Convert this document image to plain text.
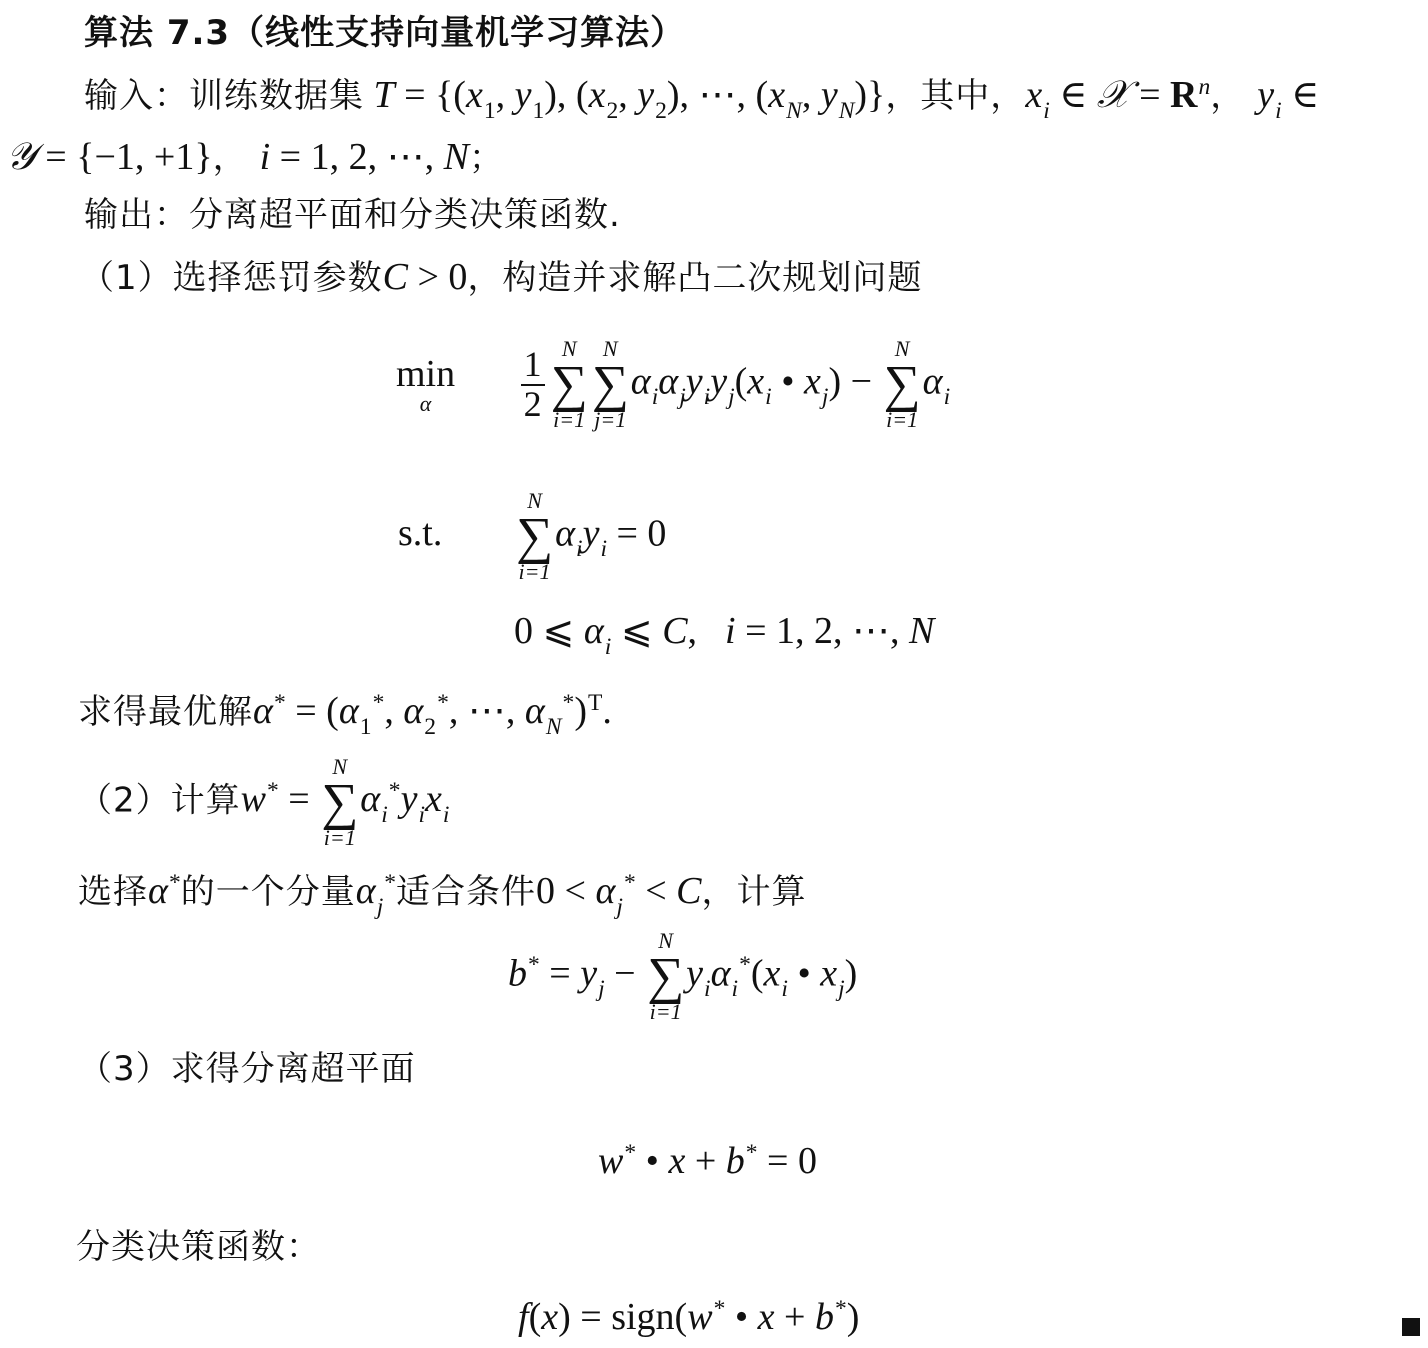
算法 7.3（线性支持向量机学习算法）
输入：训练数据集 $T = \{(x_1$, $y_1$), ($x_2$, $y_2$), ⋯, ($x_N$, $y_N$)}，其中，$x_i$ ∈ 𝒳 = $R^n$， $y_i$ ∈
𝒴 = {−1, +1}， i = 1, 2, ⋯, N；
输出：分离超平面和分类决策函数.
（1）选择惩罚参数C > 0，构造并求解凸二次规划问题
min
α
	$\frac{1}{2}$ N
∑
i=1
N
∑
j=1
$\alpha_i\alpha_jy_iy_j(x_i$ • $x_j$) −
N
∑
i=1
$\alpha_i$
s.t.
N
∑
i=1
$\alpha_iy_i = 0$
0 ⩽ $\alpha_i$ ⩽ C, i = 1, 2, ⋯, N
求得最优解$\alpha^* = (\alpha_1^*$, $\alpha_2^*$, ⋯, $\alpha_N^*)^T$.
（2）计算w* =
N
∑
i=1
$\alpha_i^*y_ix_i$
选择α*的一个分量$\alpha_j^*$适合条件$0 < \alpha_j^* < C$，计算
$b^* = y_j$ −
N
∑
i=1
$y_i\alpha_i^*(x_i$ • $x_j$)
（3）求得分离超平面
w* • x + b* = 0
分类决策函数：
f(x) = sign(w* • x + b*)
